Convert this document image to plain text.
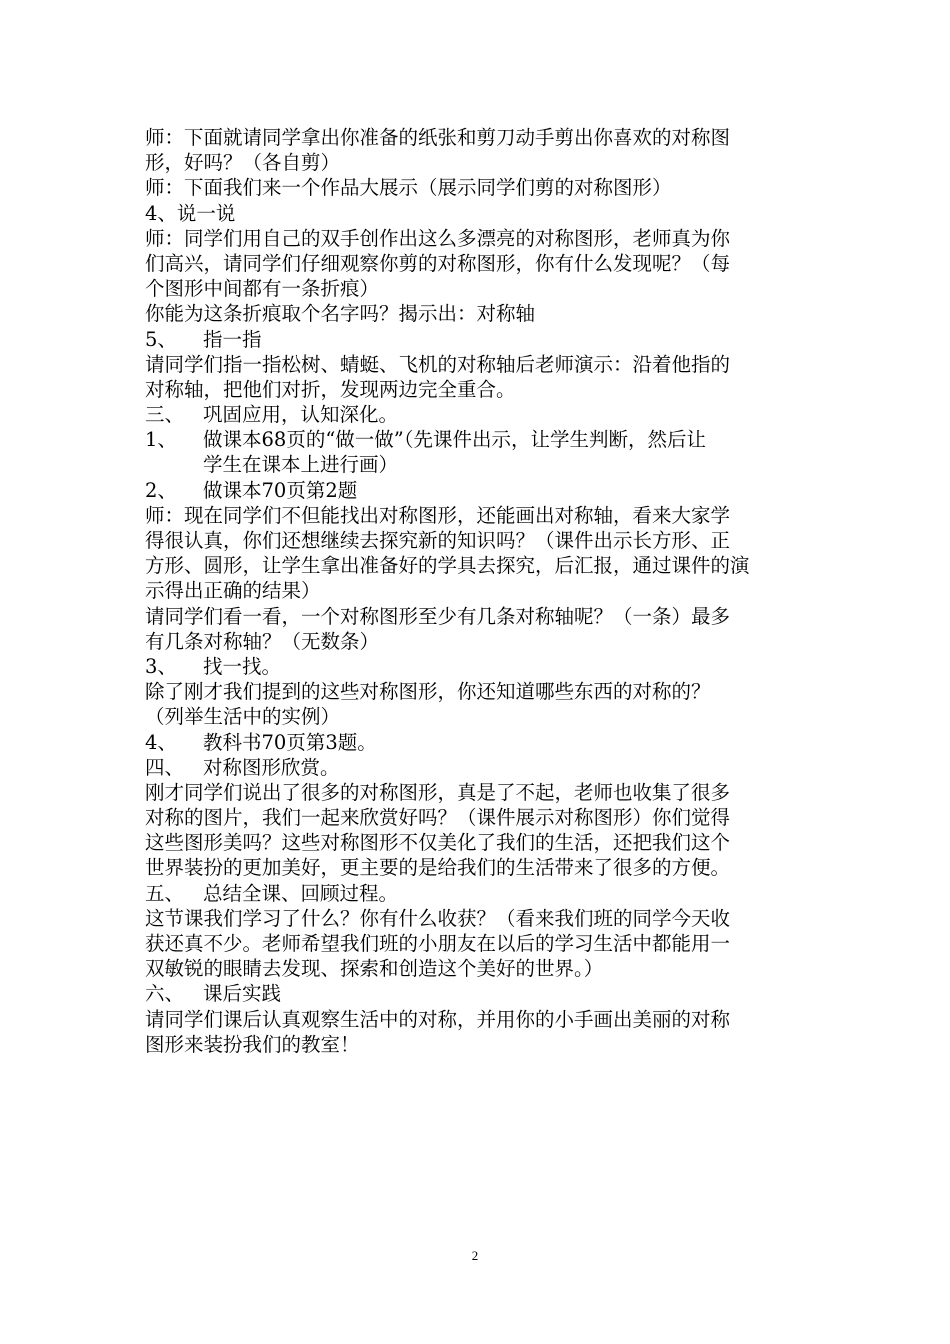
师：下面就请同学拿出你准备的纸张和剪刀动手剪出你喜欢的对称图
形，好吗？（各自剪）
师：下面我们来一个作品大展示（展示同学们剪的对称图形）
4、说一说
师：同学们用自己的双手创作出这么多漂亮的对称图形，老师真为你
们高兴，请同学们仔细观察你剪的对称图形，你有什么发现呢？（每
个图形中间都有一条折痕）
你能为这条折痕取个名字吗？揭示出：对称轴
5、 指一指
请同学们指一指松树、蜻蜓、飞机的对称轴后老师演示：沿着他指的
对称轴，把他们对折，发现两边完全重合。
三、 巩固应用，认知深化。
1、 做课本68页的“做一做”（先课件出示，让学生判断，然后让
学生在课本上进行画）
2、 做课本70页第2题
师：现在同学们不但能找出对称图形，还能画出对称轴，看来大家学
得很认真，你们还想继续去探究新的知识吗？（课件出示长方形、正
方形、圆形，让学生拿出准备好的学具去探究，后汇报，通过课件的演
示得出正确的结果）
请同学们看一看，一个对称图形至少有几条对称轴呢？（一条）最多
有几条对称轴？（无数条）
3、 找一找。
除了刚才我们提到的这些对称图形，你还知道哪些东西的对称的？
（列举生活中的实例）
4、 教科书70页第3题。
四、 对称图形欣赏。
刚才同学们说出了很多的对称图形，真是了不起，老师也收集了很多
对称的图片，我们一起来欣赏好吗？（课件展示对称图形）你们觉得
这些图形美吗？这些对称图形不仅美化了我们的生活，还把我们这个
世界装扮的更加美好，更主要的是给我们的生活带来了很多的方便。
五、 总结全课、回顾过程。
这节课我们学习了什么？你有什么收获？（看来我们班的同学今天收
获还真不少。老师希望我们班的小朋友在以后的学习生活中都能用一
双敏锐的眼睛去发现、探索和创造这个美好的世界。）
六、 课后实践
请同学们课后认真观察生活中的对称，并用你的小手画出美丽的对称
图形来装扮我们的教室！
2
